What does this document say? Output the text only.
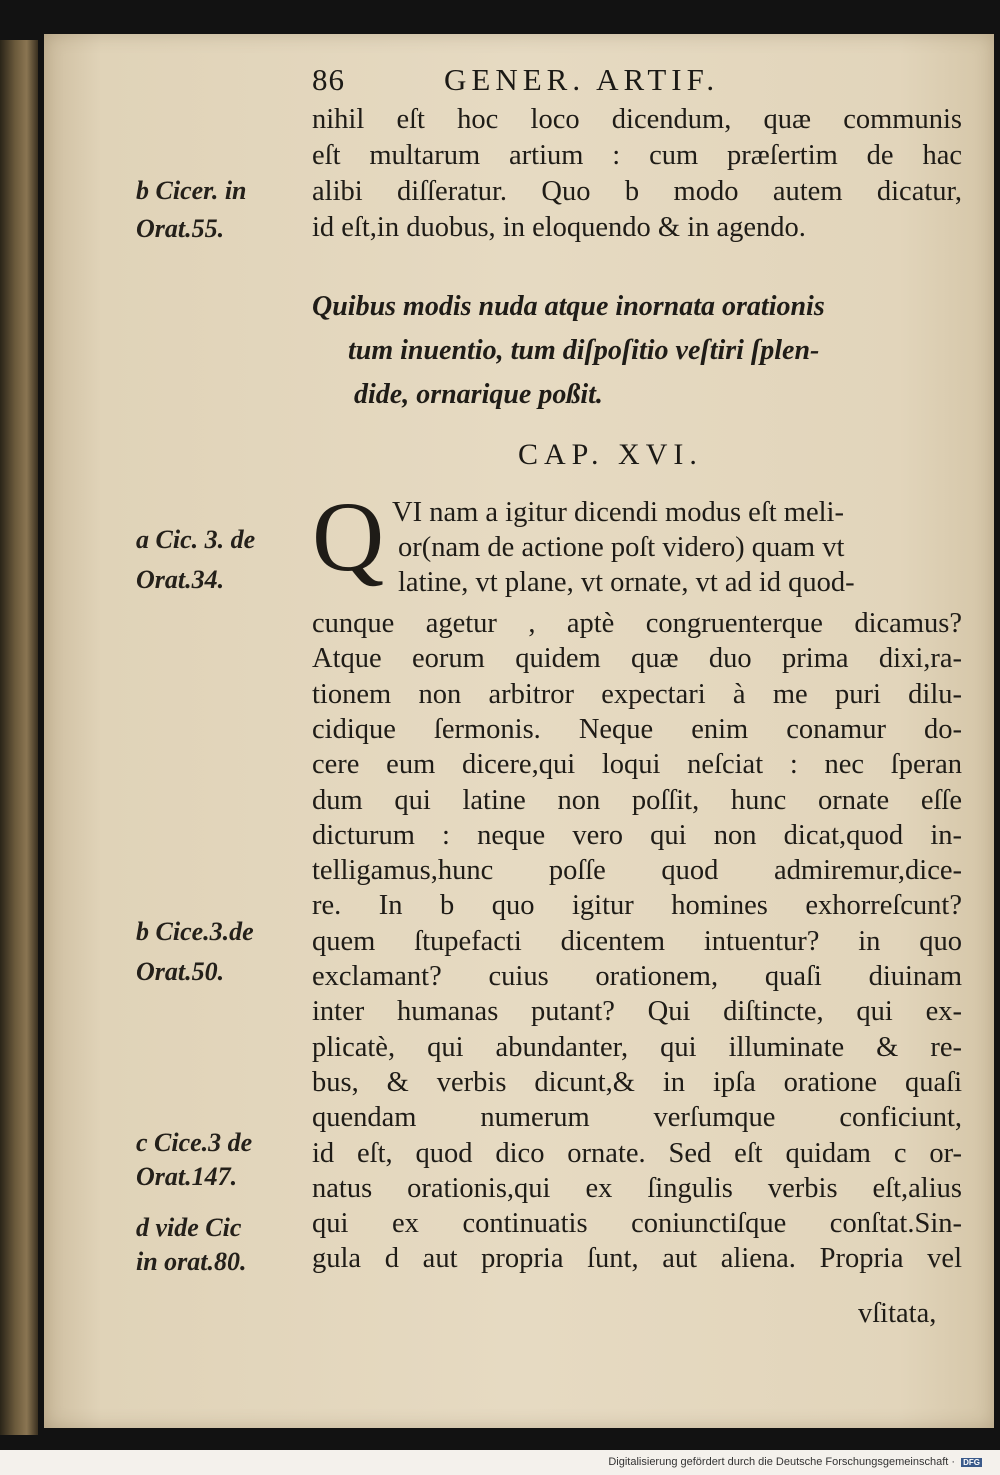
86	GENER. ARTIF.
nihil eſt hoc loco dicendum, quæ communis
eſt multarum artium : cum præſertim de hac
alibi diſſeratur. Quo b modo autem dicatur,
id eſt,in duobus, in eloquendo & in agendo.
Quibus modis nuda atque inornata orationis
tum inuentio, tum diſpoſitio veſtiri ſplen-
dide, ornarique poßit.
CAP. XVI.
Q VI nam a igitur dicendi modus eſt meli-
or(nam de actione poſt videro) quam vt
latine, vt plane, vt ornate, vt ad id quod-
cunque agetur , aptè congruenterque dicamus?
Atque eorum quidem quæ duo prima dixi,ra-
tionem non arbitror expectari à me puri dilu-
cidique ſermonis. Neque enim conamur do-
cere eum dicere,qui loqui neſciat : nec ſperan
dum qui latine non poſſit, hunc ornate eſſe
dicturum : neque vero qui non dicat,quod in-
telligamus,hunc poſſe quod admiremur,dice-
re. In b quo igitur homines exhorreſcunt?
quem ſtupefacti dicentem intuentur? in quo
exclamant? cuius orationem, quaſi diuinam
inter humanas putant? Qui diſtincte, qui ex-
plicatè, qui abundanter, qui illuminate & re-
bus, & verbis dicunt,& in ipſa oratione quaſi
quendam numerum verſumque conficiunt,
id eſt, quod dico ornate. Sed eſt quidam c or-
natus orationis,qui ex ſingulis verbis eſt,alius
qui ex continuatis coniunctiſque conſtat.Sin-
gula d aut propria ſunt, aut aliena. Propria vel
vſitata,
b Cicer. in
Orat.55.
a Cic. 3. de
Orat.34.
b Cice.3.de
Orat.50.
c Cice.3 de
Orat.147.
d vide Cic
in orat.80.
Digitalisierung gefördert durch die Deutsche Forschungsgemeinschaft · DFG
